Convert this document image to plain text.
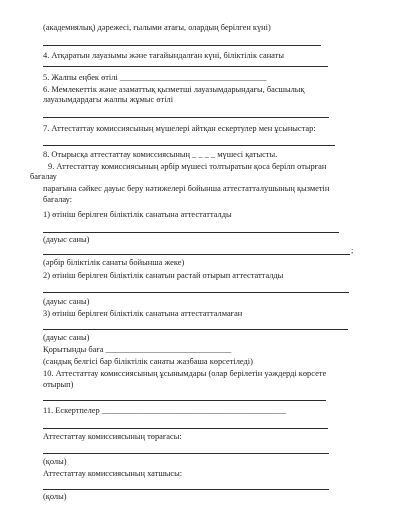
(академиялық) дәрежесі, ғылыми атағы, олардың берілген күні)

4. Атқаратын лауазымы және тағайындалған күні, біліктілік санаты

5. Жалпы еңбек өтілі ___________________________________

6. Мемлекеттік және азаматтық қызметші лауазымдарындағы, басшылық

лауазымдардағы жалпы жұмыс өтілі

7. Аттестаттау комиссиясының мүшелері айтқан ескертулер мен ұсыныстар:

8. Отырысқа аттестаттау комиссиясының _ _ _ _ мүшесі қатысты.

9. Аттестаттау комиссиясының әрбір мүшесі толтыратын қоса берілп отырған

бағалау

парағына сәйкес дауыс беру нәтижелері бойынша аттестатталушының қызметін

бағалау:

1) өтініш берілген біліктілік санатына аттестатталды

(дауыс саны)

;

(әрбір біліктілік санаты бойынша жеке)

2) өтініш берілген біліктілік санатын растай отырып аттестатталды

(дауыс саны)

3) өтініш берілген біліктілік санатына аттестатталмаған

(дауыс саны)

Қорытынды баға ______________________________

(сандық белгісі бар біліктілік санаты жазбаша көрсетіледі)

10. Аттестаттау комиссиясының ұсынымдары (олар берілетін уәждерді көрсете

отырып)

11. Ескертпелер ____________________________________________

Аттестаттау комиссиясының төрағасы:

(қолы)

Аттестаттау комиссиясының хатшысы:

(қолы)
